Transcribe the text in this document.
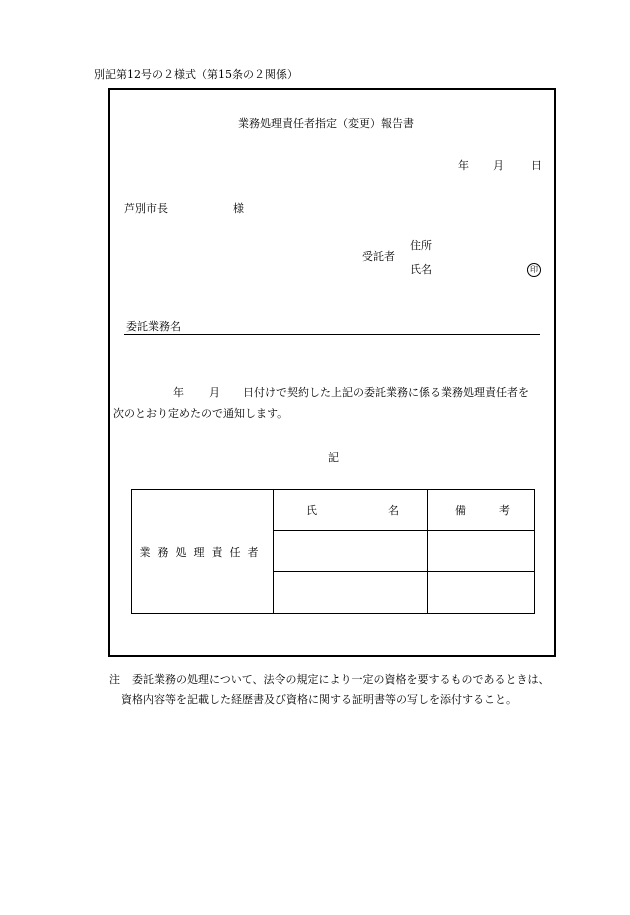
別記第12号の２様式（第15条の２関係）
業務処理責任者指定（変更）報告書
年 月 日
芦別市長	様
住所
受託者
氏名	印
委託業務名
年 月 日付けで契約した上記の委託業務に係る業務処理責任者を
次のとおり定めたので通知します。
記
業務処理責任者	氏 名	備 考

注 委託業務の処理について、法令の規定により一定の資格を要するものであるときは、
資格内容等を記載した経歴書及び資格に関する証明書等の写しを添付すること。
